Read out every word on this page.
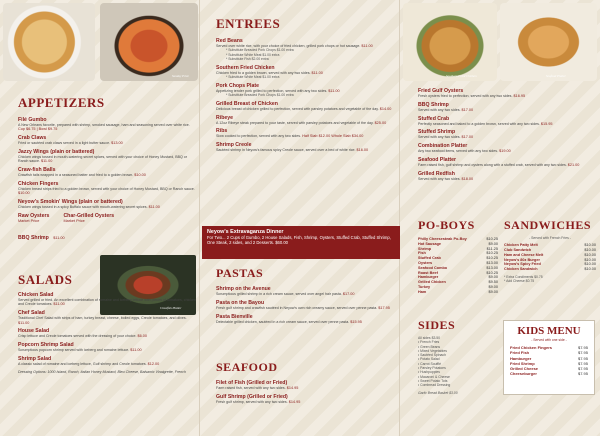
Sunday Prize
APPETIZERS
Filé Gumbo
A New Orleans favorite, prepared with shrimp, smoked sausage, ham and seasoning served over white rice. Cup $6.75 | Bowl $9.75
Crab Claws
Fried or sautéed crab claws served in a light butter sauce. $13.00
Jazzy Wings (plain or battered)
Chicken wings tossed in mouth-watering secret spices, served with your choice of Honey Mustard, BBQ or Ranch sauce. $11.00
Craw-fish Balls
Crawfish tails wrapped in a seasoned batter and fried to a golden brown. $10.00
Chicken Fingers
Chicken breast strips fried to a golden brown, served with your choice of Honey Mustard, BBQ or Ranch sauce. $10.00
Neyow's Smokin' Wings (plain or battered)
Chicken wings tossed in a spicy Buffalo sauce with mouth-watering secret spices. $11.00
Raw Oysters
Market Price
Char-Grilled Oysters
Market Price
BBQ Shrimp $11.00
Crawfish Platter
SALADS
Chicken Salad
Served grilled or fried. An excellent combination of romaine and iceberg lettuce with pieces of tomatoes, chicken and Creole tomatoes. $11.00
Chef Salad
Traditional Chef Salad with strips of ham, turkey breast, cheese, boiled eggs, Creole tomatoes, and olives. $11.00
House Salad
Crisp lettuce and Creole tomatoes served with the dressing of your choice. $6.00
Popcorn Shrimp Salad
Scrumptious popcorn shrimp served with iceberg and romaine lettuce. $11.00
Shrimp Salad
A classic salad of romaine and iceberg lettuce, Gulf shrimp and Creole tomatoes. $12.00
Dressing Options: 1000 Island, Ranch, Italian Honey Mustard, Bleu Cheese, Balsamic Vinaigrette, French
ENTREES
Red Beans
Served over white rice, with your choice of fried chicken, grilled pork chops or hot sausage. $11.00
* Substitute Breaded Pork Chops $1.00 extra
* Substitute White Meat $1.00 extra
* Substitute Fish $2.00 extra
Southern Fried Chicken
Chicken fried to a golden brown, served with any two sides. $11.00
* Substitute White Meat $1.00 extra
Pork Chops Plate
Appetizing tender pork grilled to perfection, served with any two sides. $11.00
* Substitute Breaded Pork Chops $1.00 extra
Grilled Breast of Chicken
Delicious breast of chicken grilled to perfection, served with parsley potatoes and vegetable of the day. $14.00
Ribeye
A 12oz Ribeye steak prepared to your taste, served with parsley potatoes and vegetable of the day. $25.00
Ribs
Slow cooked to perfection, served with any two sides. Half Slab $12.00 Whole Slab $34.00
Shrimp Creole
Sautéed shrimp in Neyow's famous spicy Creole sauce, served over a bed of white rice. $16.00
PASTAS
Shrimp on the Avenue
Scrumptious grilled shrimp in a rich cream sauce, served over angel hair pasta. $17.00
Pasta on the Bayou
Fresh gulf shrimp and crawfish sautéed in Neyow's own rich creamy sauce, served over penne pasta. $17.95
Pasta Bienville
Delectable grilled chicken, sautéed in a rich cream sauce, served over penne pasta. $15.95
SEAFOOD
Filet of Fish (Grilled or Fried)
Farm raised fish, served with any two sides. $14.95
Gulf Shrimp (Grilled or Fried)
Fresh gulf shrimp, served with any two sides. $14.95
Neyow's Extravaganza Dinner
For Two... 2 Cups of Gumbo, 2 House Salads, Fish, Shrimp, Oysters, Stuffed Crab, Stuffed Shrimp, One Steak, 2 sides, and 2 Desserts. $60.00
Southern Fried Chicken	Seafood Platter
Fried Gulf Oysters
Fresh oysters fried to perfection, served with any two sides. $16.95
BBQ Shrimp
Served with any two sides. $17.00
Stuffed Crab
Perfectly seasoned and baked to a golden brown, served with any two sides. $15.95
Stuffed Shrimp
Served with any two sides. $17.00
Combination Platter
Any two seafood items, served with any two sides. $19.00
Seafood Platter
Farm raised fish, gulf shrimp and oysters along with a stuffed crab, served with any two sides. $21.00
Grilled Redfish
Served with any two sides. $18.00
PO-BOYS
Philly Cheesesteak Po-Boy	$10.25
Hot Sausage	$9.00
Shrimp	$11.25
Fish	$10.25
Stuffed Crab	$10.25
Oysters	$13.00
Seafood Combo	$13.00
Roast Beef	$10.25
Hamburger	$9.00
Grilled Chicken	$9.50
Turkey	$9.00
Ham	$9.00
SANDWICHES
- Served with French Fries -
Chicken Patty Melt	$10.00
Club Sandwich	$10.00
Ham and Cheese Melt	$10.00
Neyow's 80z Burger	$10.00
Neyow's Spicy Fried	$10.00
Chicken Sandwich	$10.00
* Extra Condiments $0.75
* Add Cheese $0.75
SIDES
All sides $3.50
• French Fries
• Green Beans
• Mixed Vegetables
• Sautéed Spinach
• Potato Salad
• Carrot Soufflé
• Parsley Potatoes
• Hushpuppies
• Macaroni & Cheese
• Sweet Potato Tots
• Combread Dressing
Garlic Bread Basket $3.00
KIDS MENU
- Served with one side -
Fried Chicken Fingers	$7.95
Fried Fish	$7.95
Hamburger	$7.95
Fried Shrimp	$7.95
Grilled Cheese	$7.95
Cheeseburger	$7.95
